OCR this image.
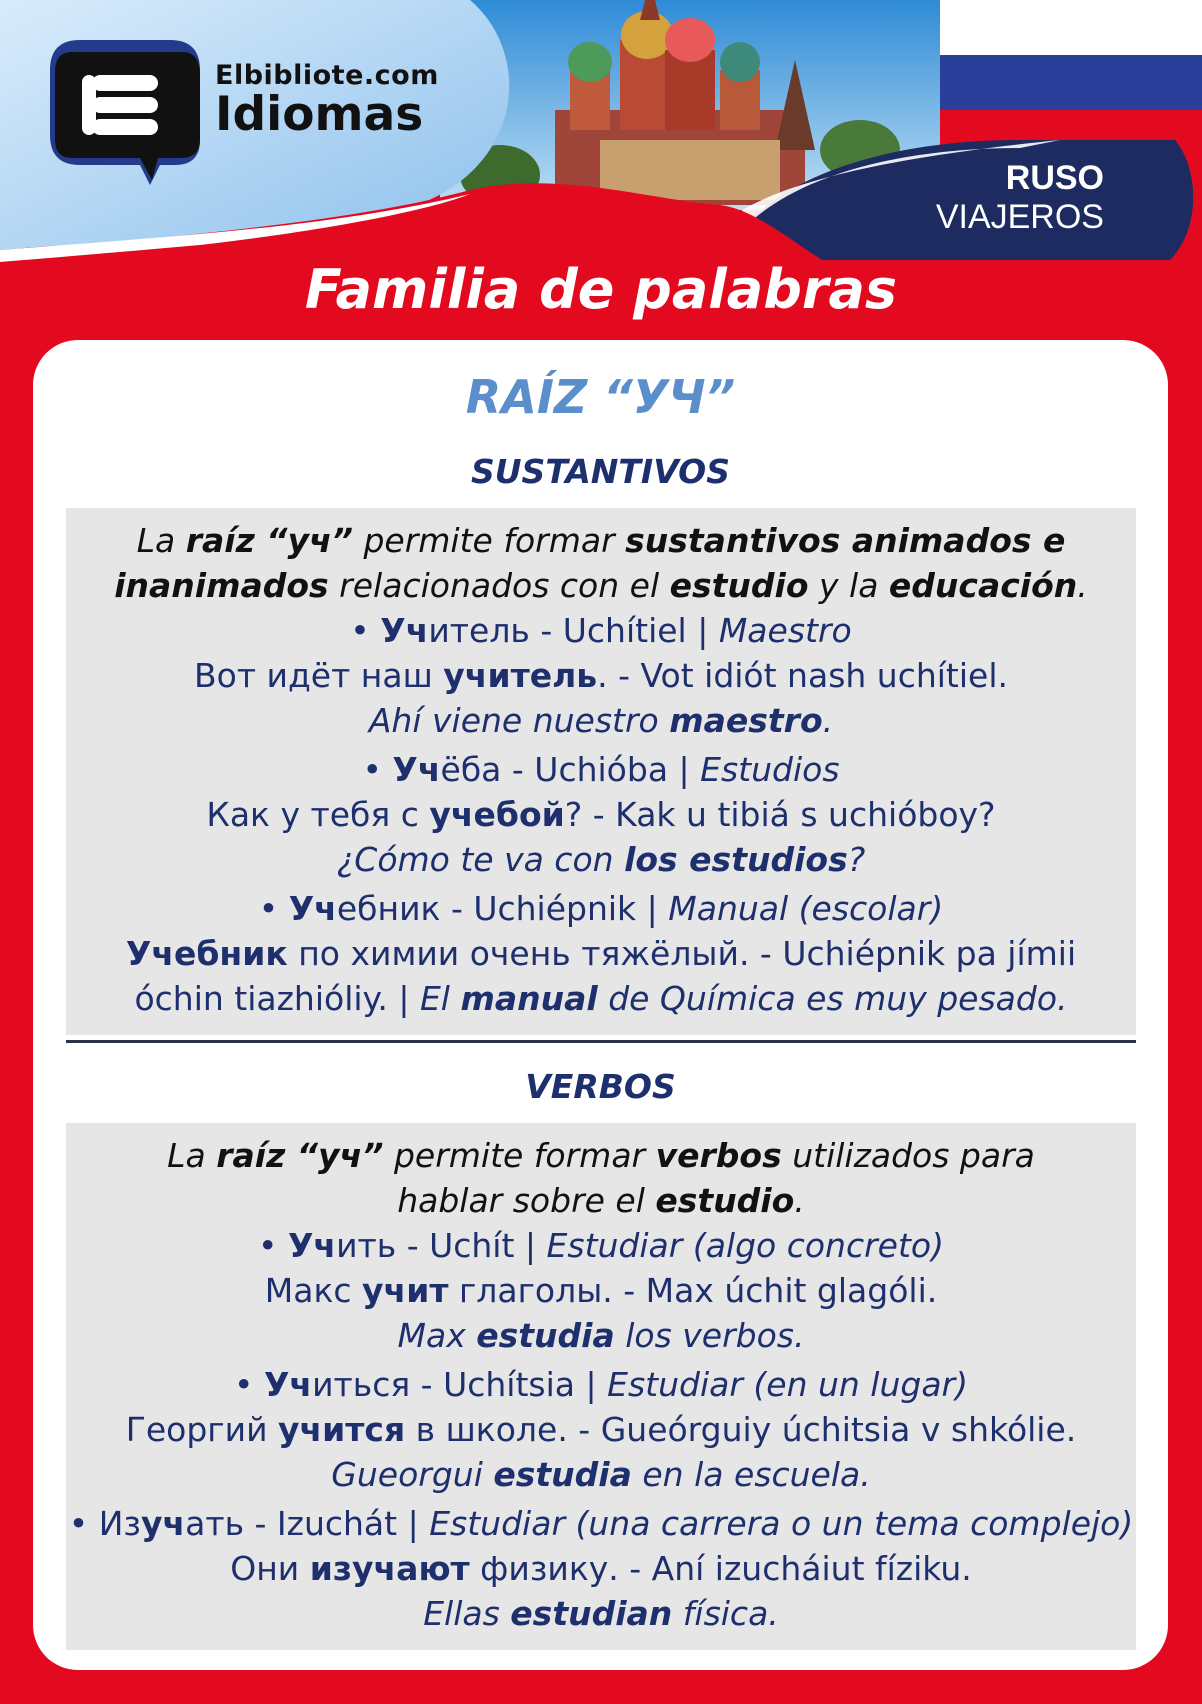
Elbibliote.com
Idiomas
RUSO
VIAJEROS
Familia de palabras
RAÍZ “УЧ”
SUSTANTIVOS
La raíz “уч” permite formar sustantivos animados e
inanimados relacionados con el estudio y la educación.
• Учитель - Uchítiel | Maestro
Вот идёт наш учитель. - Vot idiót nash uchítiel.
Ahí viene nuestro maestro.
• Учёба - Uchióba | Estudios
Как у тебя с учебой? - Kak u tibiá s uchióboy?
¿Cómo te va con los estudios?
• Учебник - Uchiépnik | Manual (escolar)
Учебник по химии очень тяжёлый. - Uchiépnik pa jímii
óchin tiazhióliy. | El manual de Química es muy pesado.
VERBOS
La raíz “уч” permite formar verbos utilizados para
hablar sobre el estudio.
• Учить - Uchít | Estudiar (algo concreto)
Макс учит глаголы. - Max úchit glagóli.
Max estudia los verbos.
• Учиться - Uchítsia | Estudiar (en un lugar)
Георгий учится в школе. - Gueórguiy úchitsia v shkólie.
Gueorgui estudia en la escuela.
• Изучать - Izuchát | Estudiar (una carrera o un tema complejo)
Они изучают физику. - Aní izucháiut fíziku.
Ellas estudian física.
